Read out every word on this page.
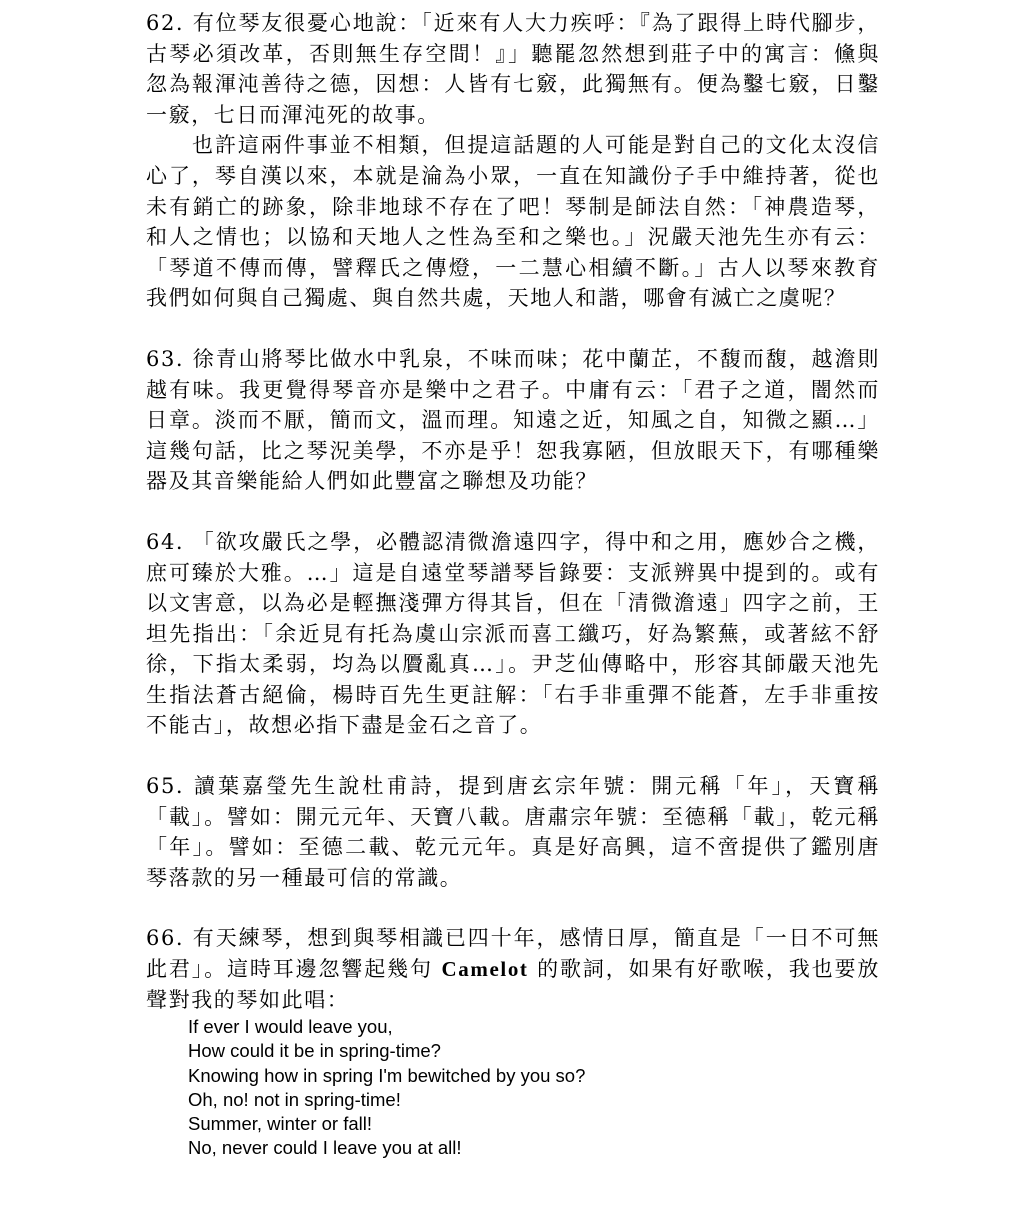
62. 有位琴友很憂心地說：「近來有人大力疾呼：『為了跟得上時代腳步，古琴必須改革，否則無生存空間！』」聽罷忽然想到莊子中的寓言：儵與忽為報渾沌善待之德，因想：人皆有七竅，此獨無有。便為鑿七竅，日鑿一竅，七日而渾沌死的故事。

也許這兩件事並不相類，但提這話題的人可能是對自己的文化太沒信心了，琴自漢以來，本就是淪為小眾，一直在知識份子手中維持著，從也未有銷亡的跡象，除非地球不存在了吧！琴制是師法自然：「神農造琴，和人之情也；以協和天地人之性為至和之樂也。」況嚴天池先生亦有云：「琴道不傳而傳，譬釋氏之傳燈，一二慧心相續不斷。」古人以琴來教育我們如何與自己獨處、與自然共處，天地人和諧，哪會有滅亡之虞呢？

63. 徐青山將琴比做水中乳泉，不味而味；花中蘭芷，不馥而馥，越澹則越有味。我更覺得琴音亦是樂中之君子。中庸有云：「君子之道，闇然而日章。淡而不厭，簡而文，溫而理。知遠之近，知風之自，知微之顯…」這幾句話，比之琴況美學，不亦是乎！恕我寡陋，但放眼天下，有哪種樂器及其音樂能給人們如此豐富之聯想及功能？

64. 「欲攻嚴氏之學，必體認清微澹遠四字，得中和之用，應妙合之機，庶可臻於大雅。…」這是自遠堂琴譜琴旨錄要：支派辨異中提到的。或有以文害意，以為必是輕撫淺彈方得其旨，但在「清微澹遠」四字之前，王坦先指出：「余近見有托為虞山宗派而喜工纖巧，好為繁蕪，或著絃不舒徐，下指太柔弱，均為以贗亂真…」。尹芝仙傳略中，形容其師嚴天池先生指法蒼古絕倫，楊時百先生更註解：「右手非重彈不能蒼，左手非重按不能古」，故想必指下盡是金石之音了。

65. 讀葉嘉瑩先生說杜甫詩，提到唐玄宗年號：開元稱「年」，天寶稱「載」。譬如：開元元年、天寶八載。唐肅宗年號：至德稱「載」，乾元稱「年」。譬如：至德二載、乾元元年。真是好高興，這不啻提供了鑑別唐琴落款的另一種最可信的常識。

66. 有天練琴，想到與琴相識已四十年，感情日厚，簡直是「一日不可無此君」。這時耳邊忽響起幾句 Camelot 的歌詞，如果有好歌喉，我也要放聲對我的琴如此唱：

If ever I would leave you,
How could it be in spring-time?
Knowing how in spring I'm bewitched by you so?
Oh, no! not in spring-time!
Summer, winter or fall!
No, never could I leave you at all!
